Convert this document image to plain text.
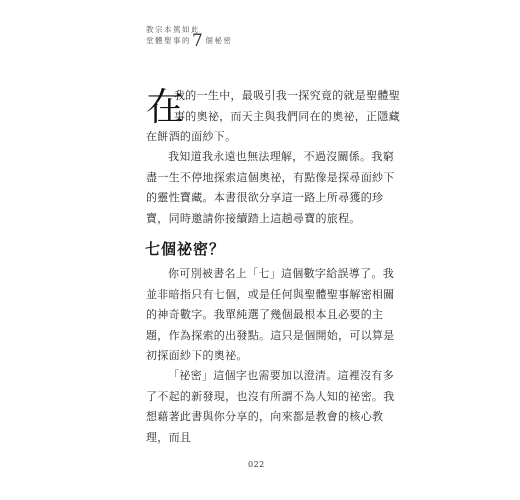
教宗本篤如此
堂體聖事的7個秘密
在

我的一生中，最吸引我一探究竟的就是聖體聖事的奧祕，而天主與我們同在的奧祕，正隱藏

在餅酒的面紗下。

我知道我永遠也無法理解，不過沒關係。我窮盡一生不停地探索這個奧祕，有點像是探尋面紗下的靈性寶藏。本書很欲分享這一路上所尋獲的珍寶，同時邀請你接續踏上這趟尋寶的旅程。

七個祕密？

你可別被書名上「七」這個數字給誤導了。我並非暗指只有七個，或是任何與聖體聖事解密相關的神奇數字。我單純選了幾個最根本且必要的主題，作為探索的出發點。這只是個開始，可以算是初探面紗下的奧祕。

「祕密」這個字也需要加以澄清。這裡沒有多了不起的新發現，也沒有所謂不為人知的祕密。我想藉著此書與你分享的，向來都是教會的核心教理，而且

022
